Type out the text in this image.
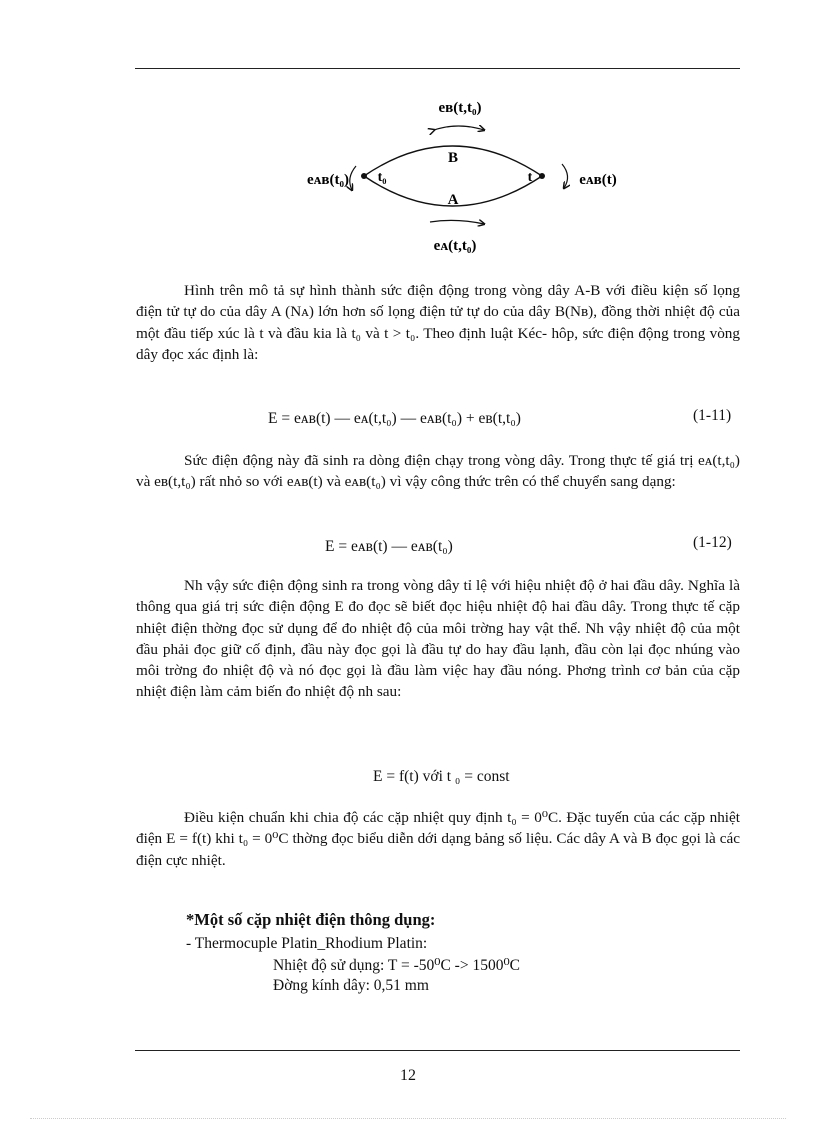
eʙ(t,t₀)
eᴀ(t,t₀)
eᴀʙ(t₀)	eᴀʙ(t)
B
A
t₀	t
Hình trên mô tả sự hình thành sức điện động trong vòng dây A-B với điều kiện số lọng điện tử tự do của dây A (Nᴀ) lớn hơn số lọng điện tử tự do của dây B(Nʙ), đồng thời nhiệt độ của một đầu tiếp xúc là t và đầu kia là t₀ và t > t₀. Theo định luật Kéc- hôp, sức điện động trong vòng dây đọc xác định là:
E = eᴀʙ(t) — eᴀ(t,t₀) — eᴀʙ(t₀) + eʙ(t,t₀)	(1-11)
Sức điện động này đã sinh ra dòng điện chạy trong vòng dây. Trong thực tế giá trị eᴀ(t,t₀) và eʙ(t,t₀) rất nhỏ so với eᴀʙ(t) và eᴀʙ(t₀) vì vậy công thức trên có thể chuyển sang dạng:
E = eᴀʙ(t) — eᴀʙ(t₀)	(1-12)
Nh vậy sức điện động sinh ra trong vòng dây tỉ lệ với hiệu nhiệt độ ở hai đầu dây. Nghĩa là thông qua giá trị sức điện động E đo đọc sẽ biết đọc hiệu nhiệt độ hai đầu dây. Trong thực tế cặp nhiệt điện thờng đọc sử dụng để đo nhiệt độ của môi trờng hay vật thể. Nh vậy nhiệt độ của một đầu phải đọc giữ cố định, đầu này đọc gọi là đầu tự do hay đầu lạnh, đầu còn lại đọc nhúng vào môi trờng đo nhiệt độ và nó đọc gọi là đầu làm việc hay đầu nóng. Phơng trình cơ bản của cặp nhiệt điện làm cảm biến đo nhiệt độ nh sau:
E = f(t) với t ₀ = const
Điều kiện chuẩn khi chia độ các cặp nhiệt quy định t₀ = 0⁰C. Đặc tuyến của các cặp nhiệt điện E = f(t) khi t₀ = 0⁰C thờng đọc biểu diễn dới dạng bảng số liệu. Các dây A và B đọc gọi là các điện cực nhiệt.
*Một số cặp nhiệt điện thông dụng:
- Thermocuple Platin_Rhodium Platin:
Nhiệt độ sử dụng: T = -50⁰C -> 1500⁰C
Đờng kính dây: 0,51 mm
12
